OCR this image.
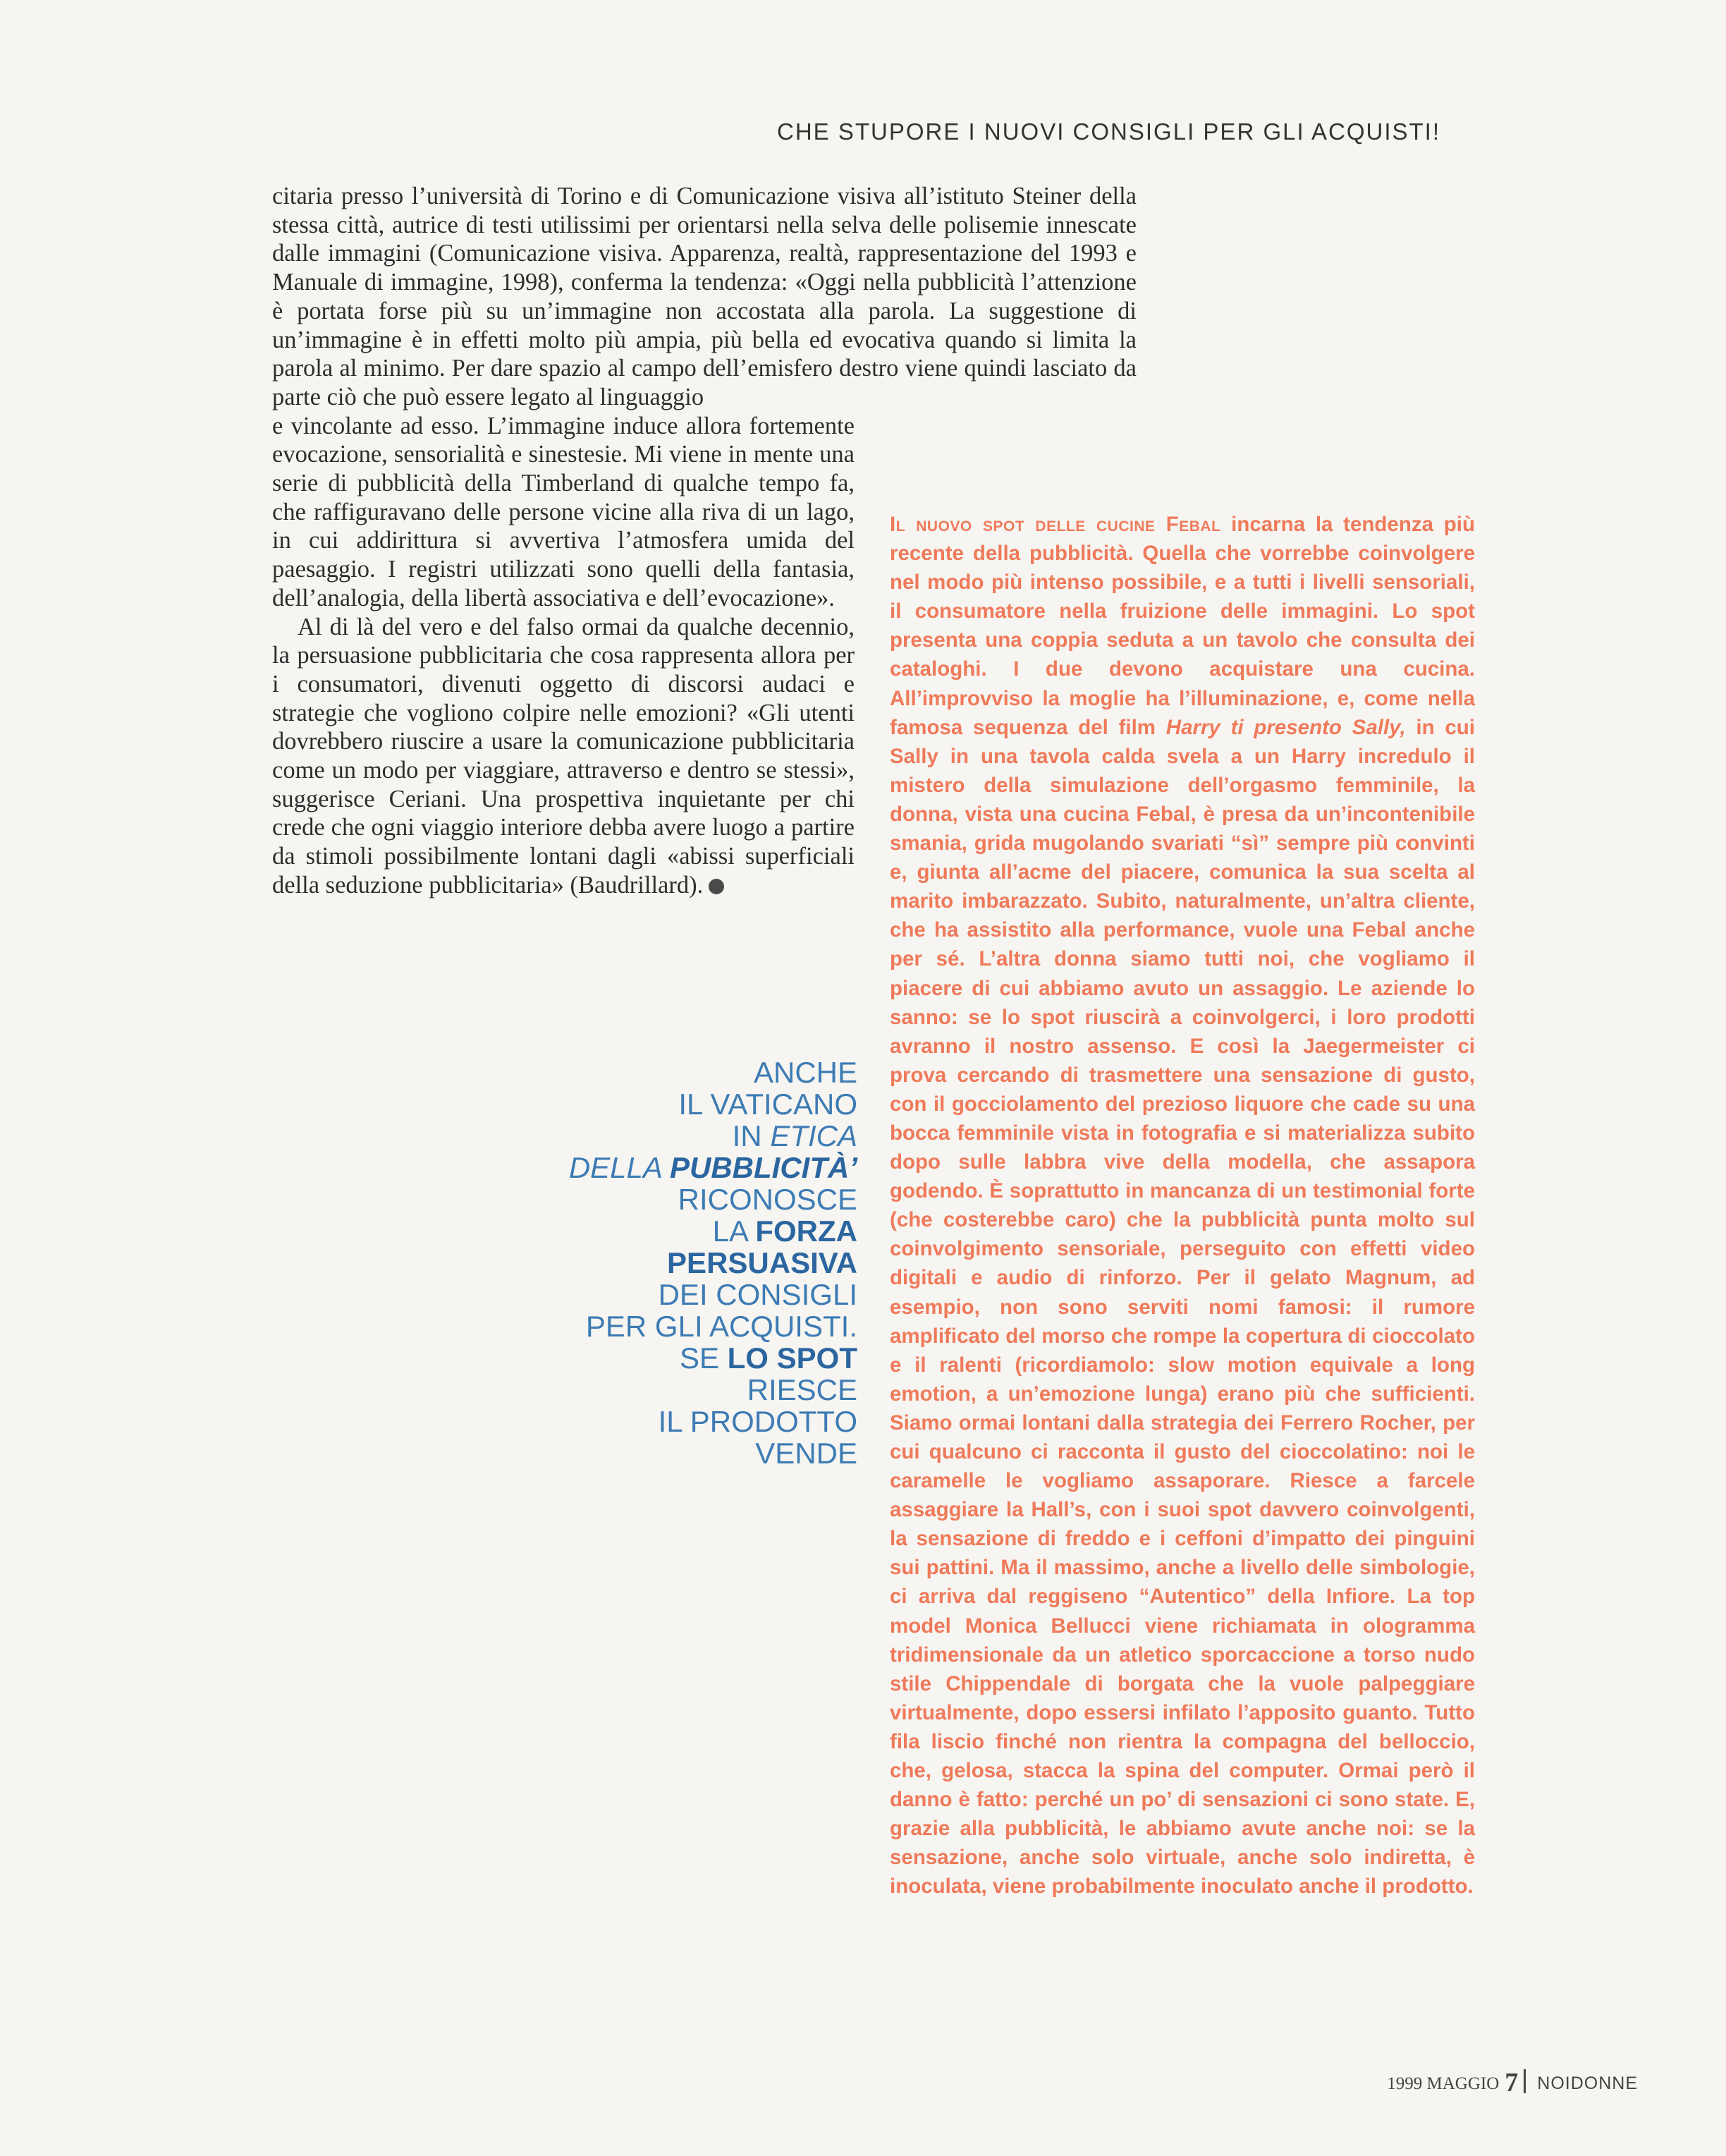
CHE STUPORE I NUOVI CONSIGLI PER GLI ACQUISTI!

citaria presso l’università di Torino e di Comunicazione visiva all’istituto Steiner della stessa città, autrice di testi utilissimi per orientarsi nella selva delle polisemie innescate dalle immagini (Comunicazione visiva. Apparenza, realtà, rappresentazione del 1993 e Manuale di immagine, 1998), conferma la tendenza: «Oggi nella pubblicità l’attenzione è portata forse più su un’immagine non accostata alla parola. La suggestione di un’immagine è in effetti molto più ampia, più bella ed evocativa quando si limita la parola al minimo. Per dare spazio al campo dell’emisfero destro viene quindi lasciato da parte ciò che può essere legato al linguaggio

e vincolante ad esso. L’immagine induce allora fortemente evocazione, sensorialità e sinestesie. Mi viene in mente una serie di pubblicità della Timberland di qualche tempo fa, che raffiguravano delle persone vicine alla riva di un lago, in cui addirittura si avvertiva l’atmosfera umida del paesaggio. I registri utilizzati sono quelli della fantasia, dell’analogia, della libertà associativa e dell’evocazione».

Al di là del vero e del falso ormai da qualche decennio, la persuasione pubblicitaria che cosa rappresenta allora per i consumatori, divenuti oggetto di discorsi audaci e strategie che vogliono colpire nelle emozioni? «Gli utenti dovrebbero riuscire a usare la comunicazione pubblicitaria come un modo per viaggiare, attraverso e dentro se stessi», suggerisce Ceriani. Una prospettiva inquietante per chi crede che ogni viaggio interiore debba avere luogo a partire da stimoli possibilmente lontani dagli «abissi superficiali della seduzione pubblicitaria» (Baudrillard).

ANCHE
IL VATICANO
IN ETICA
DELLA PUBBLICITÀ’
RICONOSCE
LA FORZA
PERSUASIVA
DEI CONSIGLI
PER GLI ACQUISTI.
SE LO SPOT
RIESCE
IL PRODOTTO
VENDE
Il nuovo spot delle cucine Febal incarna la tendenza più recente della pubblicità. Quella che vorrebbe coinvolgere nel modo più intenso possibile, e a tutti i livelli sensoriali, il consumatore nella fruizione delle immagini. Lo spot presenta una coppia seduta a un tavolo che consulta dei cataloghi. I due devono acquistare una cucina. All’improvviso la moglie ha l’illuminazione, e, come nella famosa sequenza del film Harry ti presento Sally, in cui Sally in una tavola calda svela a un Harry incredulo il mistero della simulazione dell’orgasmo femminile, la donna, vista una cucina Febal, è presa da un’incontenibile smania, grida mugolando svariati “sì” sempre più convinti e, giunta all’acme del piacere, comunica la sua scelta al marito imbarazzato. Subito, naturalmente, un’altra cliente, che ha assistito alla performance, vuole una Febal anche per sé. L’altra donna siamo tutti noi, che vogliamo il piacere di cui abbiamo avuto un assaggio. Le aziende lo sanno: se lo spot riuscirà a coinvolgerci, i loro prodotti avranno il nostro assenso. E così la Jaegermeister ci prova cercando di trasmettere una sensazione di gusto, con il gocciolamento del prezioso liquore che cade su una bocca femminile vista in fotografia e si materializza subito dopo sulle labbra vive della modella, che assapora godendo. È soprattutto in mancanza di un testimonial forte (che costerebbe caro) che la pubblicità punta molto sul coinvolgimento sensoriale, perseguito con effetti video digitali e audio di rinforzo. Per il gelato Magnum, ad esempio, non sono serviti nomi famosi: il rumore amplificato del morso che rompe la copertura di cioccolato e il ralenti (ricordiamolo: slow motion equivale a long emotion, a un’emozione lunga) erano più che sufficienti. Siamo ormai lontani dalla strategia dei Ferrero Rocher, per cui qualcuno ci racconta il gusto del cioccolatino: noi le caramelle le vogliamo assaporare. Riesce a farcele assaggiare la Hall’s, con i suoi spot davvero coinvolgenti, la sensazione di freddo e i ceffoni d’impatto dei pinguini sui pattini. Ma il massimo, anche a livello delle simbologie, ci arriva dal reggiseno “Autentico” della Infiore. La top model Monica Bellucci viene richiamata in ologramma tridimensionale da un atletico sporcaccione a torso nudo stile Chippendale di borgata che la vuole palpeggiare virtualmente, dopo essersi infilato l’apposito guanto. Tutto fila liscio finché non rientra la compagna del belloccio, che, gelosa, stacca la spina del computer. Ormai però il danno è fatto: perché un po’ di sensazioni ci sono state. E, grazie alla pubblicità, le abbiamo avute anche noi: se la sensazione, anche solo virtuale, anche solo indiretta, è inoculata, viene probabilmente inoculato anche il prodotto.
1999 MAGGIO 7 NOIDONNE
